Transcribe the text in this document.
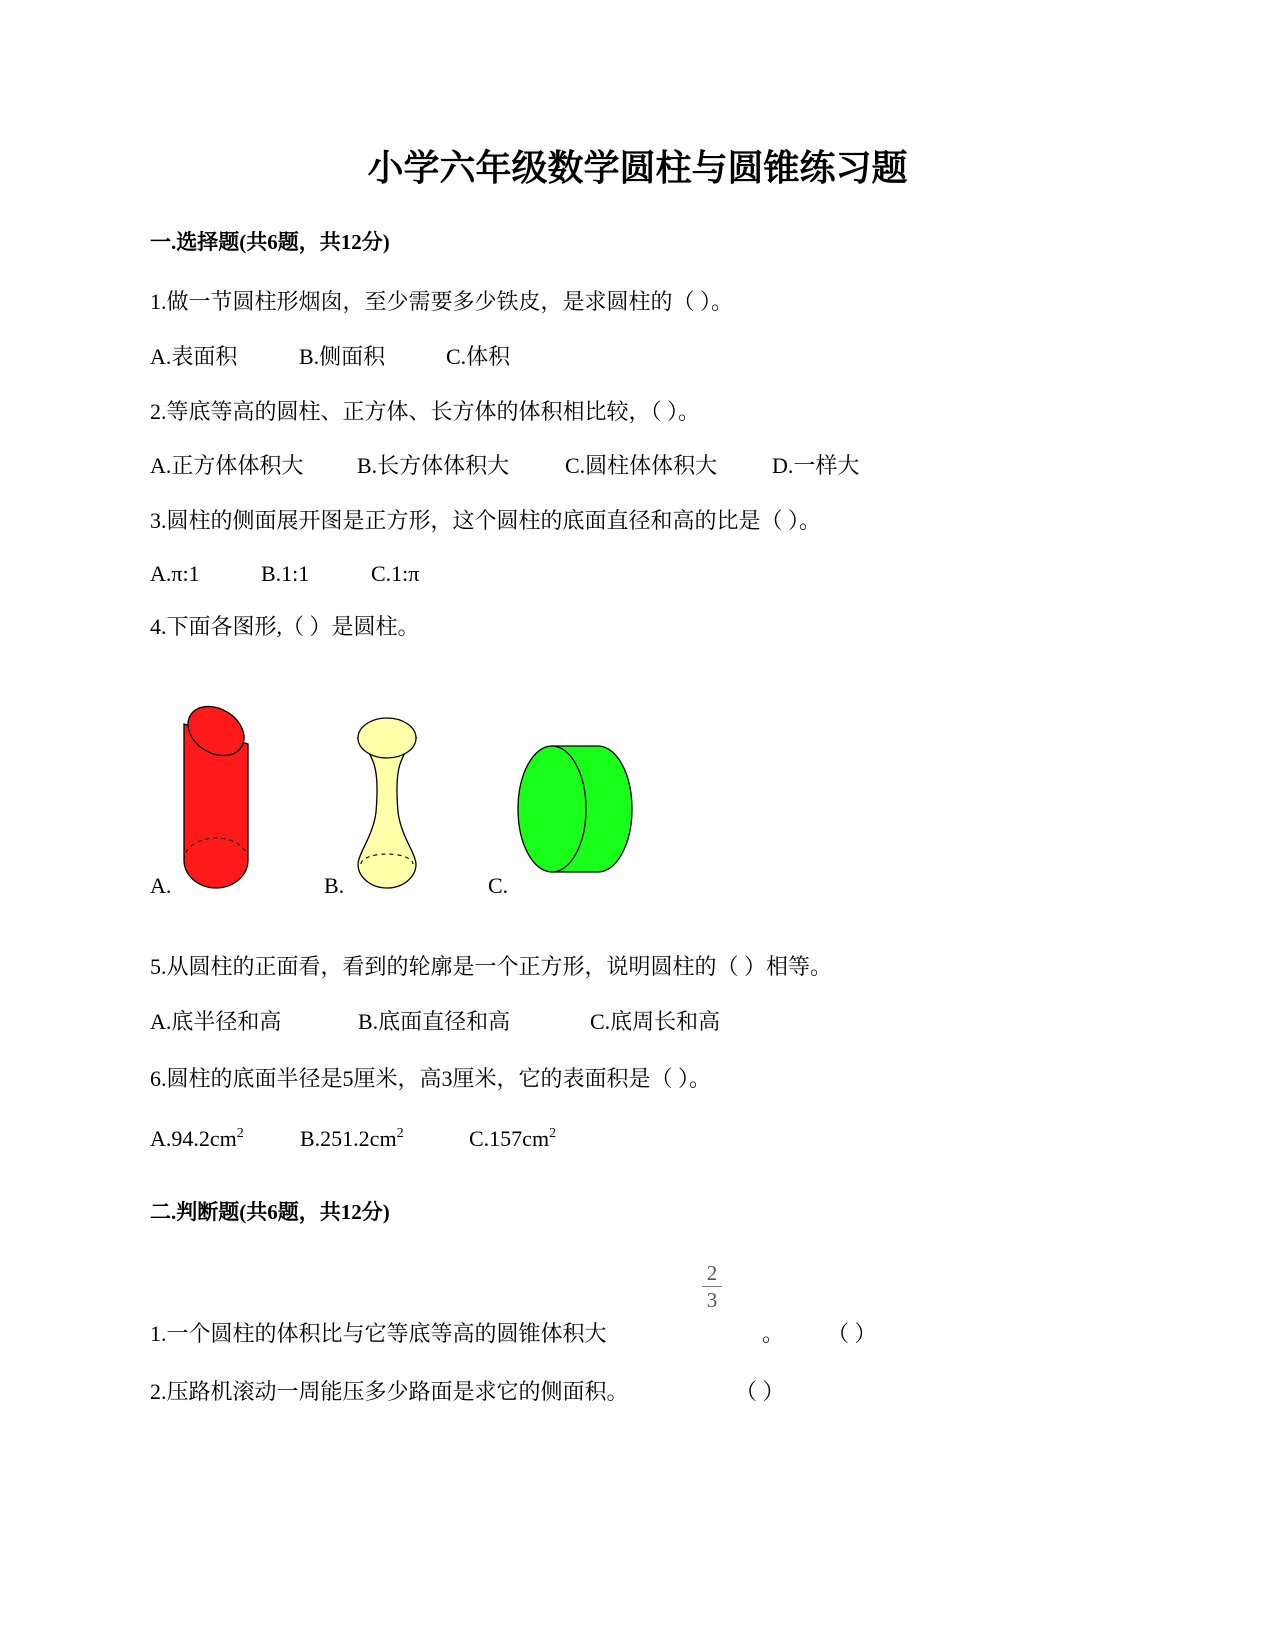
小学六年级数学圆柱与圆锥练习题
一.选择题(共6题，共12分)
1.做一节圆柱形烟囱，至少需要多少铁皮，是求圆柱的（ ）。
A.表面积	B.侧面积	C.体积
2.等底等高的圆柱、正方体、长方体的体积相比较，（ ）。
A.正方体体积大 B.长方体体积大	C.圆柱体体积大 D.一样大
3.圆柱的侧面展开图是正方形，这个圆柱的底面直径和高的比是（ ）。
A.π:1	B.1:1	C.1:π
4.下面各图形,（ ）是圆柱。
A.	B.	C.
5.从圆柱的正面看，看到的轮廓是一个正方形，说明圆柱的（ ）相等。
A.底半径和高	B.底面直径和高	C.底周长和高
6.圆柱的底面半径是5厘米，高3厘米，它的表面积是（ ）。
$A.94.2cm^2$	$B.251.2cm^2$	$C.157cm^2$
二.判断题(共6题，共12分)
2
3
1.一个圆柱的体积比与它等底等高的圆锥体积大	。 （ ）
2.压路机滚动一周能压多少路面是求它的侧面积。	（ ）
